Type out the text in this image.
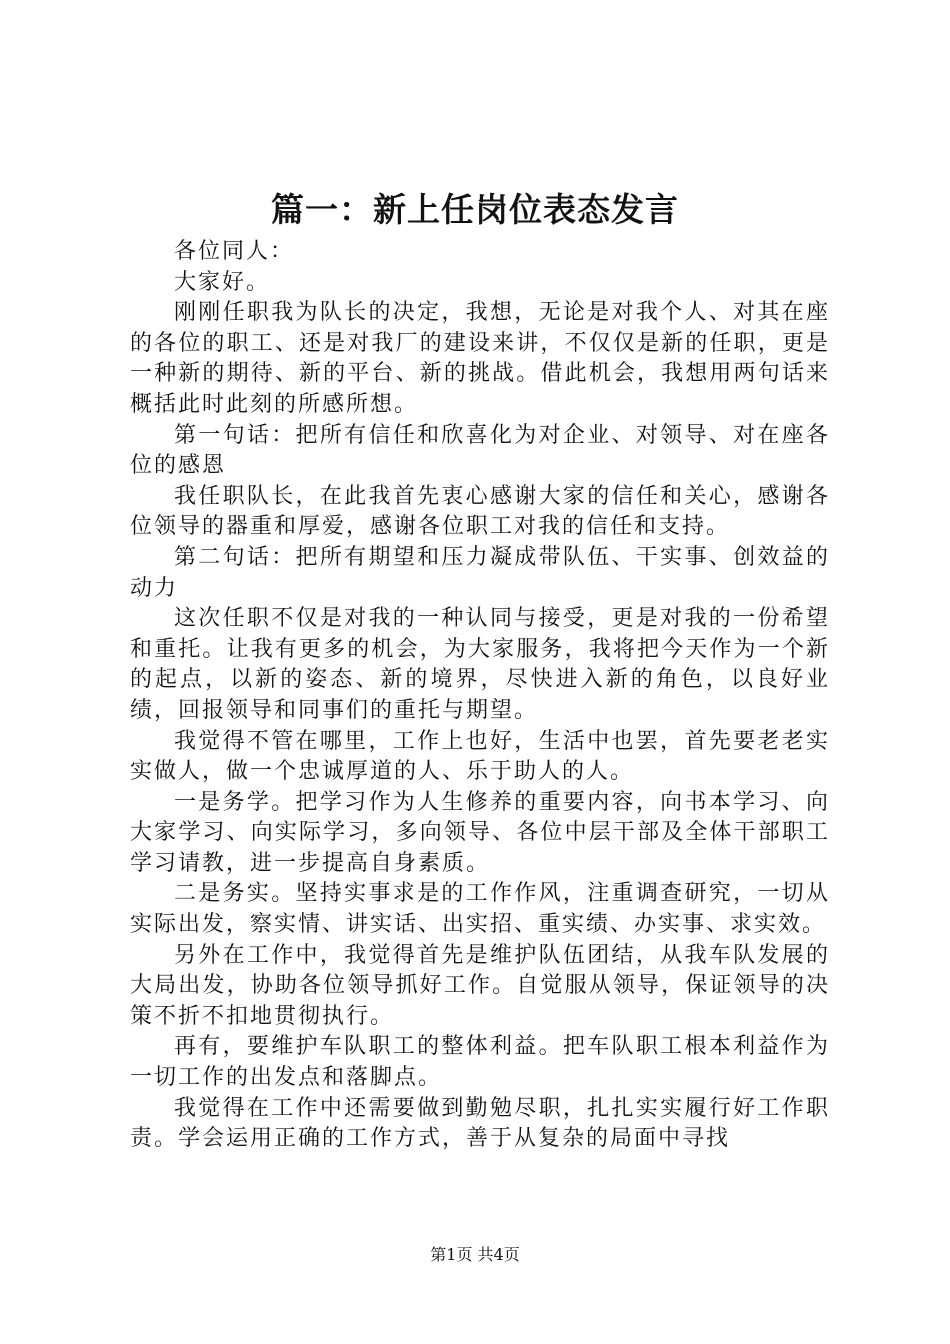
篇一：新上任岗位表态发言

各位同人：

大家好。

刚刚任职我为队长的决定，我想，无论是对我个人、对其在座的各位的职工、还是对我厂的建设来讲，不仅仅是新的任职，更是一种新的期待、新的平台、新的挑战。借此机会，我想用两句话来概括此时此刻的所感所想。

第一句话：把所有信任和欣喜化为对企业、对领导、对在座各位的感恩

我任职队长，在此我首先衷心感谢大家的信任和关心，感谢各位领导的器重和厚爱，感谢各位职工对我的信任和支持。

第二句话：把所有期望和压力凝成带队伍、干实事、创效益的动力

这次任职不仅是对我的一种认同与接受，更是对我的一份希望和重托。让我有更多的机会，为大家服务，我将把今天作为一个新的起点，以新的姿态、新的境界，尽快进入新的角色，以良好业绩，回报领导和同事们的重托与期望。

我觉得不管在哪里，工作上也好，生活中也罢，首先要老老实实做人，做一个忠诚厚道的人、乐于助人的人。

一是务学。把学习作为人生修养的重要内容，向书本学习、向大家学习、向实际学习，多向领导、各位中层干部及全体干部职工学习请教，进一步提高自身素质。

二是务实。坚持实事求是的工作作风，注重调查研究，一切从实际出发，察实情、讲实话、出实招、重实绩、办实事、求实效。

另外在工作中，我觉得首先是维护队伍团结，从我车队发展的大局出发，协助各位领导抓好工作。自觉服从领导，保证领导的决策不折不扣地贯彻执行。

再有，要维护车队职工的整体利益。把车队职工根本利益作为一切工作的出发点和落脚点。

我觉得在工作中还需要做到勤勉尽职，扎扎实实履行好工作职责。学会运用正确的工作方式，善于从复杂的局面中寻找

第1页 共4页
